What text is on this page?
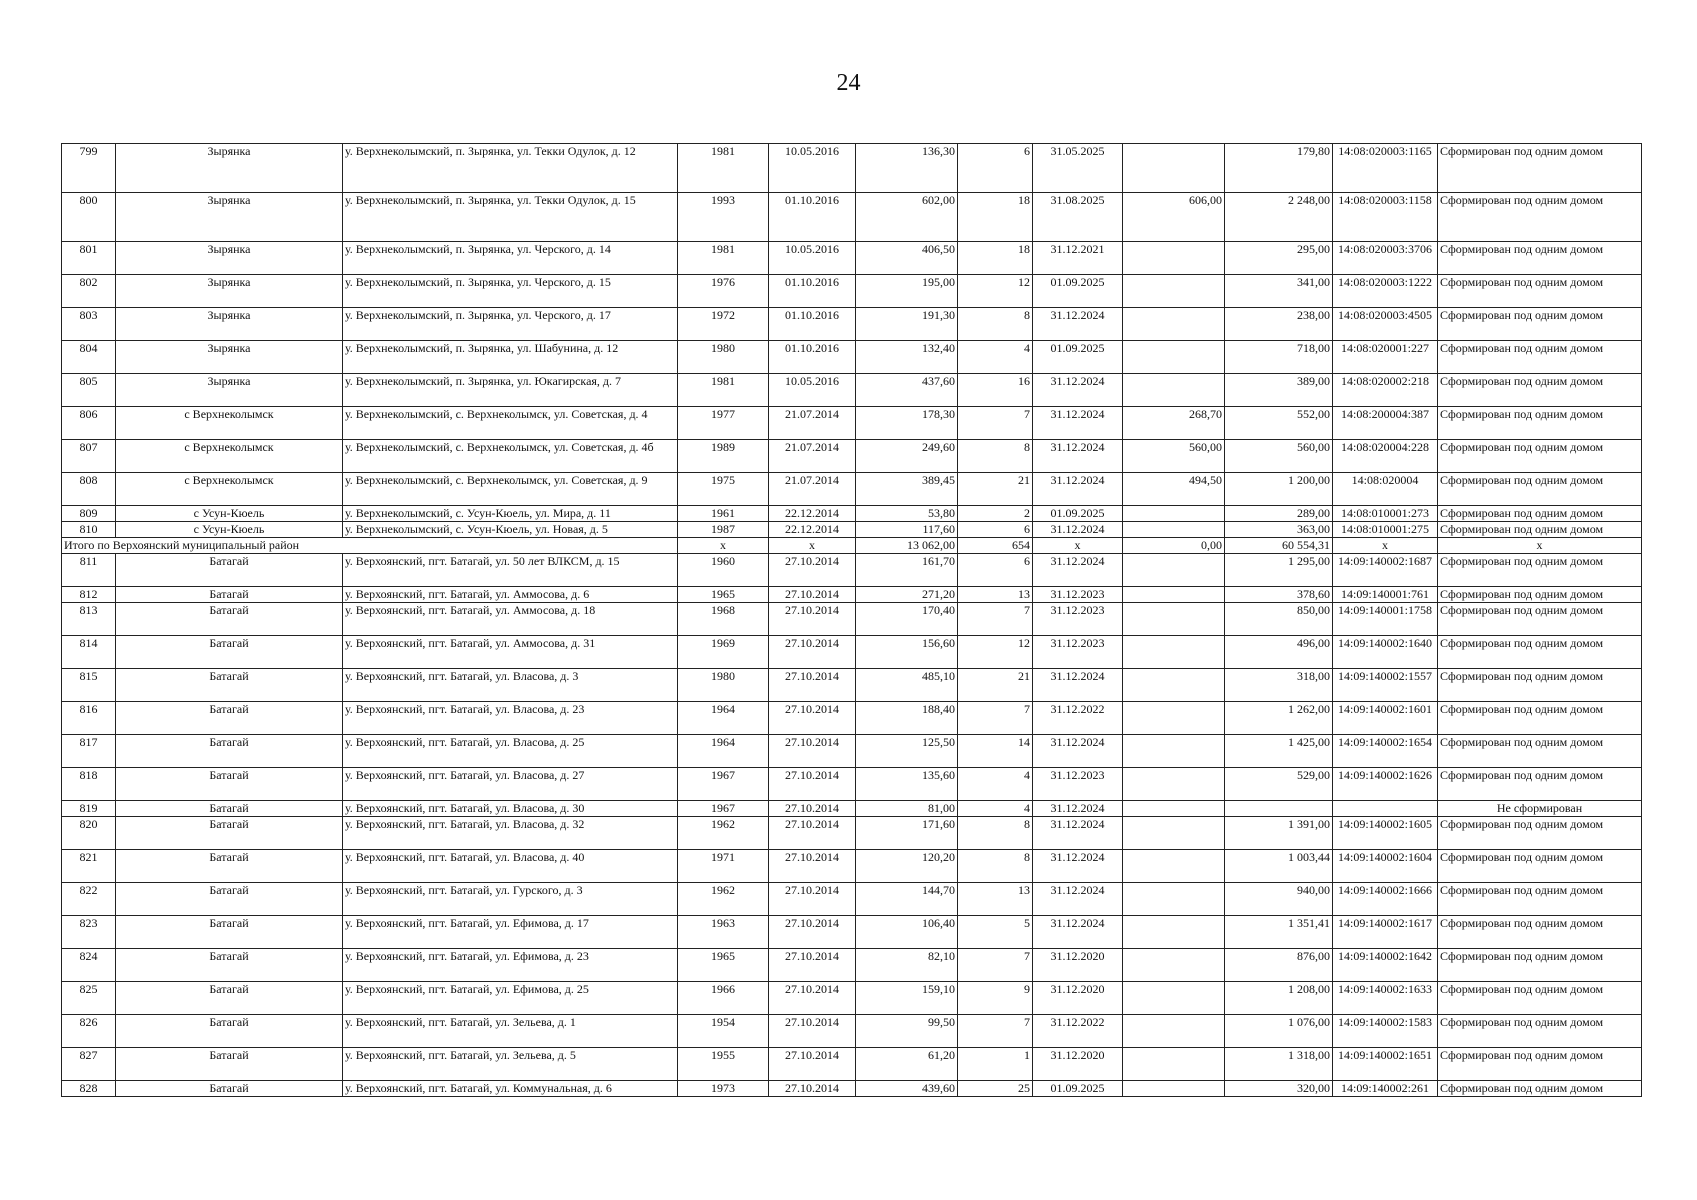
24
799	Зырянка	у. Верхнеколымский, п. Зырянка, ул. Текки Одулок, д. 12	1981	10.05.2016	136,30	6	31.05.2025		179,80	14:08:020003:1165	Сформирован под одним домом
800	Зырянка	у. Верхнеколымский, п. Зырянка, ул. Текки Одулок, д. 15	1993	01.10.2016	602,00	18	31.08.2025	606,00	2 248,00	14:08:020003:1158	Сформирован под одним домом
801	Зырянка	у. Верхнеколымский, п. Зырянка, ул. Черского, д. 14	1981	10.05.2016	406,50	18	31.12.2021		295,00	14:08:020003:3706	Сформирован под одним домом
802	Зырянка	у. Верхнеколымский, п. Зырянка, ул. Черского, д. 15	1976	01.10.2016	195,00	12	01.09.2025		341,00	14:08:020003:1222	Сформирован под одним домом
803	Зырянка	у. Верхнеколымский, п. Зырянка, ул. Черского, д. 17	1972	01.10.2016	191,30	8	31.12.2024		238,00	14:08:020003:4505	Сформирован под одним домом
804	Зырянка	у. Верхнеколымский, п. Зырянка, ул. Шабунина, д. 12	1980	01.10.2016	132,40	4	01.09.2025		718,00	14:08:020001:227	Сформирован под одним домом
805	Зырянка	у. Верхнеколымский, п. Зырянка, ул. Юкагирская, д. 7	1981	10.05.2016	437,60	16	31.12.2024		389,00	14:08:020002:218	Сформирован под одним домом
806	с Верхнеколымск	у. Верхнеколымский, с. Верхнеколымск, ул. Советская, д. 4	1977	21.07.2014	178,30	7	31.12.2024	268,70	552,00	14:08:200004:387	Сформирован под одним домом
807	с Верхнеколымск	у. Верхнеколымский, с. Верхнеколымск, ул. Советская, д. 4б	1989	21.07.2014	249,60	8	31.12.2024	560,00	560,00	14:08:020004:228	Сформирован под одним домом
808	с Верхнеколымск	у. Верхнеколымский, с. Верхнеколымск, ул. Советская, д. 9	1975	21.07.2014	389,45	21	31.12.2024	494,50	1 200,00	14:08:020004	Сформирован под одним домом
809	с Усун-Кюель	у. Верхнеколымский, с. Усун-Кюель, ул. Мира, д. 11	1961	22.12.2014	53,80	2	01.09.2025		289,00	14:08:010001:273	Сформирован под одним домом
810	с Усун-Кюель	у. Верхнеколымский, с. Усун-Кюель, ул. Новая, д. 5	1987	22.12.2014	117,60	6	31.12.2024		363,00	14:08:010001:275	Сформирован под одним домом
Итого по Верхоянский муниципальный район			х	х	13 062,00	654	х	0,00	60 554,31	х	х
811	Батагай	у. Верхоянский, пгт. Батагай, ул. 50 лет ВЛКСМ, д. 15	1960	27.10.2014	161,70	6	31.12.2024		1 295,00	14:09:140002:1687	Сформирован под одним домом
812	Батагай	у. Верхоянский, пгт. Батагай, ул. Аммосова, д. 6	1965	27.10.2014	271,20	13	31.12.2023		378,60	14:09:140001:761	Сформирован под одним домом
813	Батагай	у. Верхоянский, пгт. Батагай, ул. Аммосова, д. 18	1968	27.10.2014	170,40	7	31.12.2023		850,00	14:09:140001:1758	Сформирован под одним домом
814	Батагай	у. Верхоянский, пгт. Батагай, ул. Аммосова, д. 31	1969	27.10.2014	156,60	12	31.12.2023		496,00	14:09:140002:1640	Сформирован под одним домом
815	Батагай	у. Верхоянский, пгт. Батагай, ул. Власова, д. 3	1980	27.10.2014	485,10	21	31.12.2024		318,00	14:09:140002:1557	Сформирован под одним домом
816	Батагай	у. Верхоянский, пгт. Батагай, ул. Власова, д. 23	1964	27.10.2014	188,40	7	31.12.2022		1 262,00	14:09:140002:1601	Сформирован под одним домом
817	Батагай	у. Верхоянский, пгт. Батагай, ул. Власова, д. 25	1964	27.10.2014	125,50	14	31.12.2024		1 425,00	14:09:140002:1654	Сформирован под одним домом
818	Батагай	у. Верхоянский, пгт. Батагай, ул. Власова, д. 27	1967	27.10.2014	135,60	4	31.12.2023		529,00	14:09:140002:1626	Сформирован под одним домом
819	Батагай	у. Верхоянский, пгт. Батагай, ул. Власова, д. 30	1967	27.10.2014	81,00	4	31.12.2024				Не сформирован
820	Батагай	у. Верхоянский, пгт. Батагай, ул. Власова, д. 32	1962	27.10.2014	171,60	8	31.12.2024		1 391,00	14:09:140002:1605	Сформирован под одним домом
821	Батагай	у. Верхоянский, пгт. Батагай, ул. Власова, д. 40	1971	27.10.2014	120,20	8	31.12.2024		1 003,44	14:09:140002:1604	Сформирован под одним домом
822	Батагай	у. Верхоянский, пгт. Батагай, ул. Гурского, д. 3	1962	27.10.2014	144,70	13	31.12.2024		940,00	14:09:140002:1666	Сформирован под одним домом
823	Батагай	у. Верхоянский, пгт. Батагай, ул. Ефимова, д. 17	1963	27.10.2014	106,40	5	31.12.2024		1 351,41	14:09:140002:1617	Сформирован под одним домом
824	Батагай	у. Верхоянский, пгт. Батагай, ул. Ефимова, д. 23	1965	27.10.2014	82,10	7	31.12.2020		876,00	14:09:140002:1642	Сформирован под одним домом
825	Батагай	у. Верхоянский, пгт. Батагай, ул. Ефимова, д. 25	1966	27.10.2014	159,10	9	31.12.2020		1 208,00	14:09:140002:1633	Сформирован под одним домом
826	Батагай	у. Верхоянский, пгт. Батагай, ул. Зельева, д. 1	1954	27.10.2014	99,50	7	31.12.2022		1 076,00	14:09:140002:1583	Сформирован под одним домом
827	Батагай	у. Верхоянский, пгт. Батагай, ул. Зельева, д. 5	1955	27.10.2014	61,20	1	31.12.2020		1 318,00	14:09:140002:1651	Сформирован под одним домом
828	Батагай	у. Верхоянский, пгт. Батагай, ул. Коммунальная, д. 6	1973	27.10.2014	439,60	25	01.09.2025		320,00	14:09:140002:261	Сформирован под одним домом
